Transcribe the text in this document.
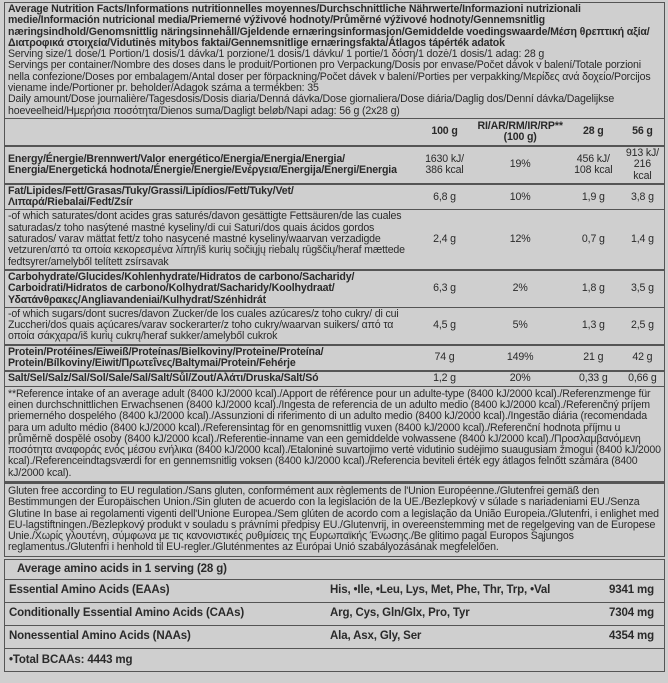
Average Nutrition Facts/Informations nutritionnelles moyennes/Durchschnittliche Nährwerte/Informazioni nutrizionali medie/Información nutricional media/Priemerné výživové hodnoty/Průměrné výživové hodnoty/Gennemsnitlig næringsindhold/Genomsnittlig näringsinnehåll/Gjeldende ernæringsinformasjon/Gemiddelde voedingswaarde/Μέση θρεπτική αξία/Διατροφικά στοιχεία/Vidutinės mitybos faktai/Gennemsnitlige ernæringsfakta/Átlagos tápérték adatok
Serving size/1 dose/1 Portion/1 dosis/1 dávka/1 porzione/1 dosis/1 dávku/ 1 portie/1 δόση/1 dozė/1 dosis/1 adag: 28 g
Servings per container/Nombre des doses dans le produit/Portionen pro Verpackung/Dosis por envase/Počet dávok v balení/Totale porzioni nella confezione/Doses por embalagem/Antal doser per förpackning/Počet dávek v balení/Porties per verpakking/Μερίδες ανά δοχείο/Porcijos viename inde/Portioner pr. beholder/Adagok száma a termékben: 35
Daily amount/Dose journalière/Tagesdosis/Dosis diaria/Denná dávka/Dose giornaliera/Dose diária/Daglig dos/Denní dávka/Dagelijkse hoeveelheid/Ημερήσια ποσότητα/Dienos suma/Dagligt beløb/Napi adag: 56 g (2x28 g)
	100 g	RI/AR/RM/IR/RP** (100 g)	28 g	56 g
Energy/Énergie/Brennwert/Valor energético/Energia/Energia/Energia/ Energia/Energetická hodnota/Énergie/Energie/Ενέργεια/Energija/Energi/Energia	1630 kJ/ 386 kcal	19%	456 kJ/ 108 kcal	913 kJ/ 216 kcal
Fat/Lipides/Fett/Grasas/Tuky/Grassi/Lipídios/Fett/Tuky/Vet/Λιπαρά/Riebalai/Fedt/Zsír	6,8 g	10%	1,9 g	3,8 g
-of which saturates/dont acides gras saturés/davon gesättigte Fettsäuren/de las cuales saturadas/z toho nasýtené mastné kyseliny/di cui Saturi/dos quais ácidos gordos saturados/ varav mättat fett/z toho nasycené mastné kyseliny/waarvan verzadigde vetzuren/από τα οποία κεκορεσμένα λίπη/iš kurių sočiųjų riebalų rūgščių/heraf mættede fedtsyrer/amelyből telített zsírsavak	2,4 g	12%	0,7 g	1,4 g
Carbohydrate/Glucides/Kohlenhydrate/Hidratos de carbono/Sacharidy/ Carboidrati/Hidratos de carbono/Kolhydrat/Sacharidy/Koolhydraat/ Υδατάνθρακες/Angliavandeniai/Kulhydrat/Szénhidrát	6,3 g	2%	1,8 g	3,5 g
-of which sugars/dont sucres/davon Zucker/de los cuales azúcares/z toho cukry/ di cui Zuccheri/dos quais açúcares/varav sockerarter/z toho cukry/waarvan suikers/ από τα οποία σάκχαρα/iš kurių cukrų/heraf sukker/amelyből cukrok	4,5 g	5%	1,3 g	2,5 g
Protein/Protéines/Eiweiß/Proteínas/Bielkoviny/Proteine/Proteína/ Protein/Bílkoviny/Eiwit/Πρωτεΐνες/Baltymai/Protein/Fehérje	74 g	149%	21 g	42 g
Salt/Sel/Salz/Sal/Sol/Sale/Sal/Salt/Sůl/Zout/Αλάτι/Druska/Salt/Só	1,2 g	20%	0,33 g	0,66 g
**Reference intake of an average adult (8400 kJ/2000 kcal)./Apport de référence pour un adulte-type (8400 kJ/2000 kcal)./Referenzmenge für einen durchschnittlichen Erwachsenen (8400 kJ/2000 kcal)./Ingesta de referencia de un adulto medio (8400 kJ/2000 kcal)./Referenčný príjem priemerného dospelého (8400 kJ/2000 kcal)./Assunzioni di riferimento di un adulto medio (8400 kJ/2000 kcal)./Ingestão diária (recomendada para um adulto médio (8400 kJ/2000 kcal)./Referensintag för en genomsnittlig vuxen (8400 kJ/2000 kcal)./Referenční hodnota příjmu u průměrně dospělé osoby (8400 kJ/2000 kcal)./Referentie-inname van een gemiddelde volwassene (8400 kJ/2000 kcal)./Προσλαμβανόμενη ποσότητα αναφοράς ενός μέσου ενήλικα (8400 kJ/2000 kcal)./Etaloninė suvartojimo vertė vidutinio sudėjimo suaugusiam žmogui (8400 kJ/2000 kcal)./Referenceindtagsværdi for en gennemsnitlig voksen (8400 kJ/2000 kcal)./Referencia beviteli érték egy átlagos felnőtt számára (8400 kJ/2000 kcal).
Gluten free according to EU regulation./Sans gluten, conformément aux règlements de l'Union Européenne./Glutenfrei gemäß den Bestimmungen der Europäischen Union./Sin gluten de acuerdo con la legislación de la UE./Bezlepkový v súlade s nariadeniami EU./Senza Glutine In base ai regolamenti vigenti dell'Unione Europea./Sem glúten de acordo com a legislação da União Europeia./Glutenfri, i enlighet med EU-lagstiftningen./Bezlepkový produkt v souladu s právními předpisy EU./Glutenvrij, in overeenstemming met de regelgeving van de Europese Unie./Χωρίς γλουτένη, σύμφωνα με τις κανονιστικές ρυθμίσεις της Ευρωπαϊκής Ένωσης./Be glitimo pagal Europos Sąjungos reglamentus./Glutenfri i henhold til EU-regler./Gluténmentes az Európai Unió szabályozásának megfelelően.
Average amino acids in 1 serving (28 g)
Essential Amino Acids (EAAs)	His, •Ile, •Leu, Lys, Met, Phe, Thr, Trp, •Val	9341 mg
Conditionally Essential Amino Acids (CAAs)	Arg, Cys, Gln/Glx, Pro, Tyr	7304 mg
Nonessential Amino Acids (NAAs)	Ala, Asx, Gly, Ser	4354 mg
•Total BCAAs: 4443 mg
